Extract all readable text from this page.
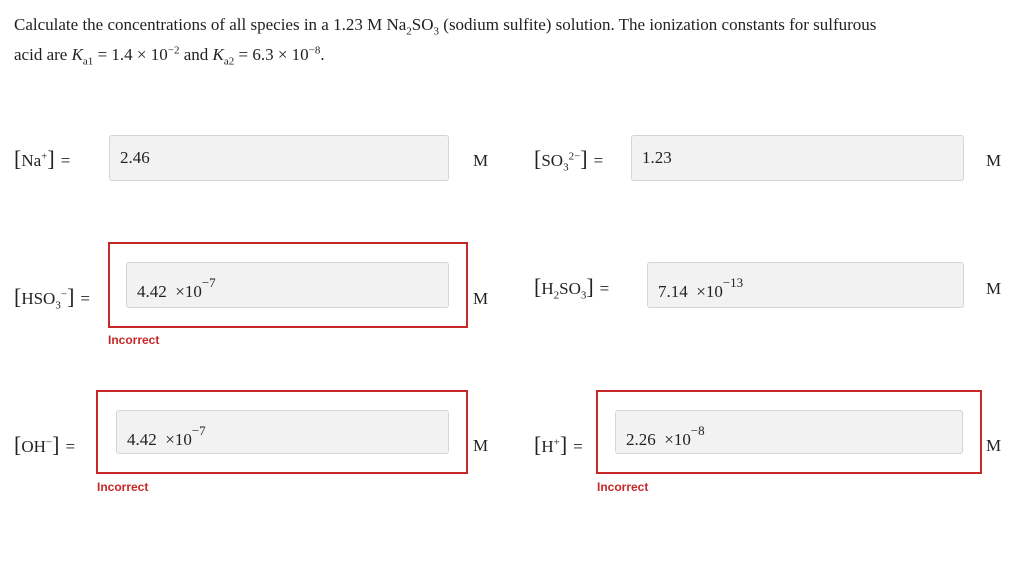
Calculate the concentrations of all species in a 1.23 M $Na_2SO_3$ (sodium sulfite) solution. The ionization constants for sulfurous
acid are $K_{a1} = 1.4 \times 10^{-2}$ and $K_{a2} = 6.3 \times 10^{-8}$.
[Na+] =	2.46	M $[SO_3^{2-}]$ =	1.23	M
$[HSO_3^-]$ =	$4.42 \times 10^{-7}$
M
Incorrect
$[H_2SO_3]$ =	$7.14 \times 10^{-13}$	M
[OH−] =	$4.42 \times 10^{-7}$
M
Incorrect
[H+] =	$2.26 \times 10^{-8}$
M
Incorrect
